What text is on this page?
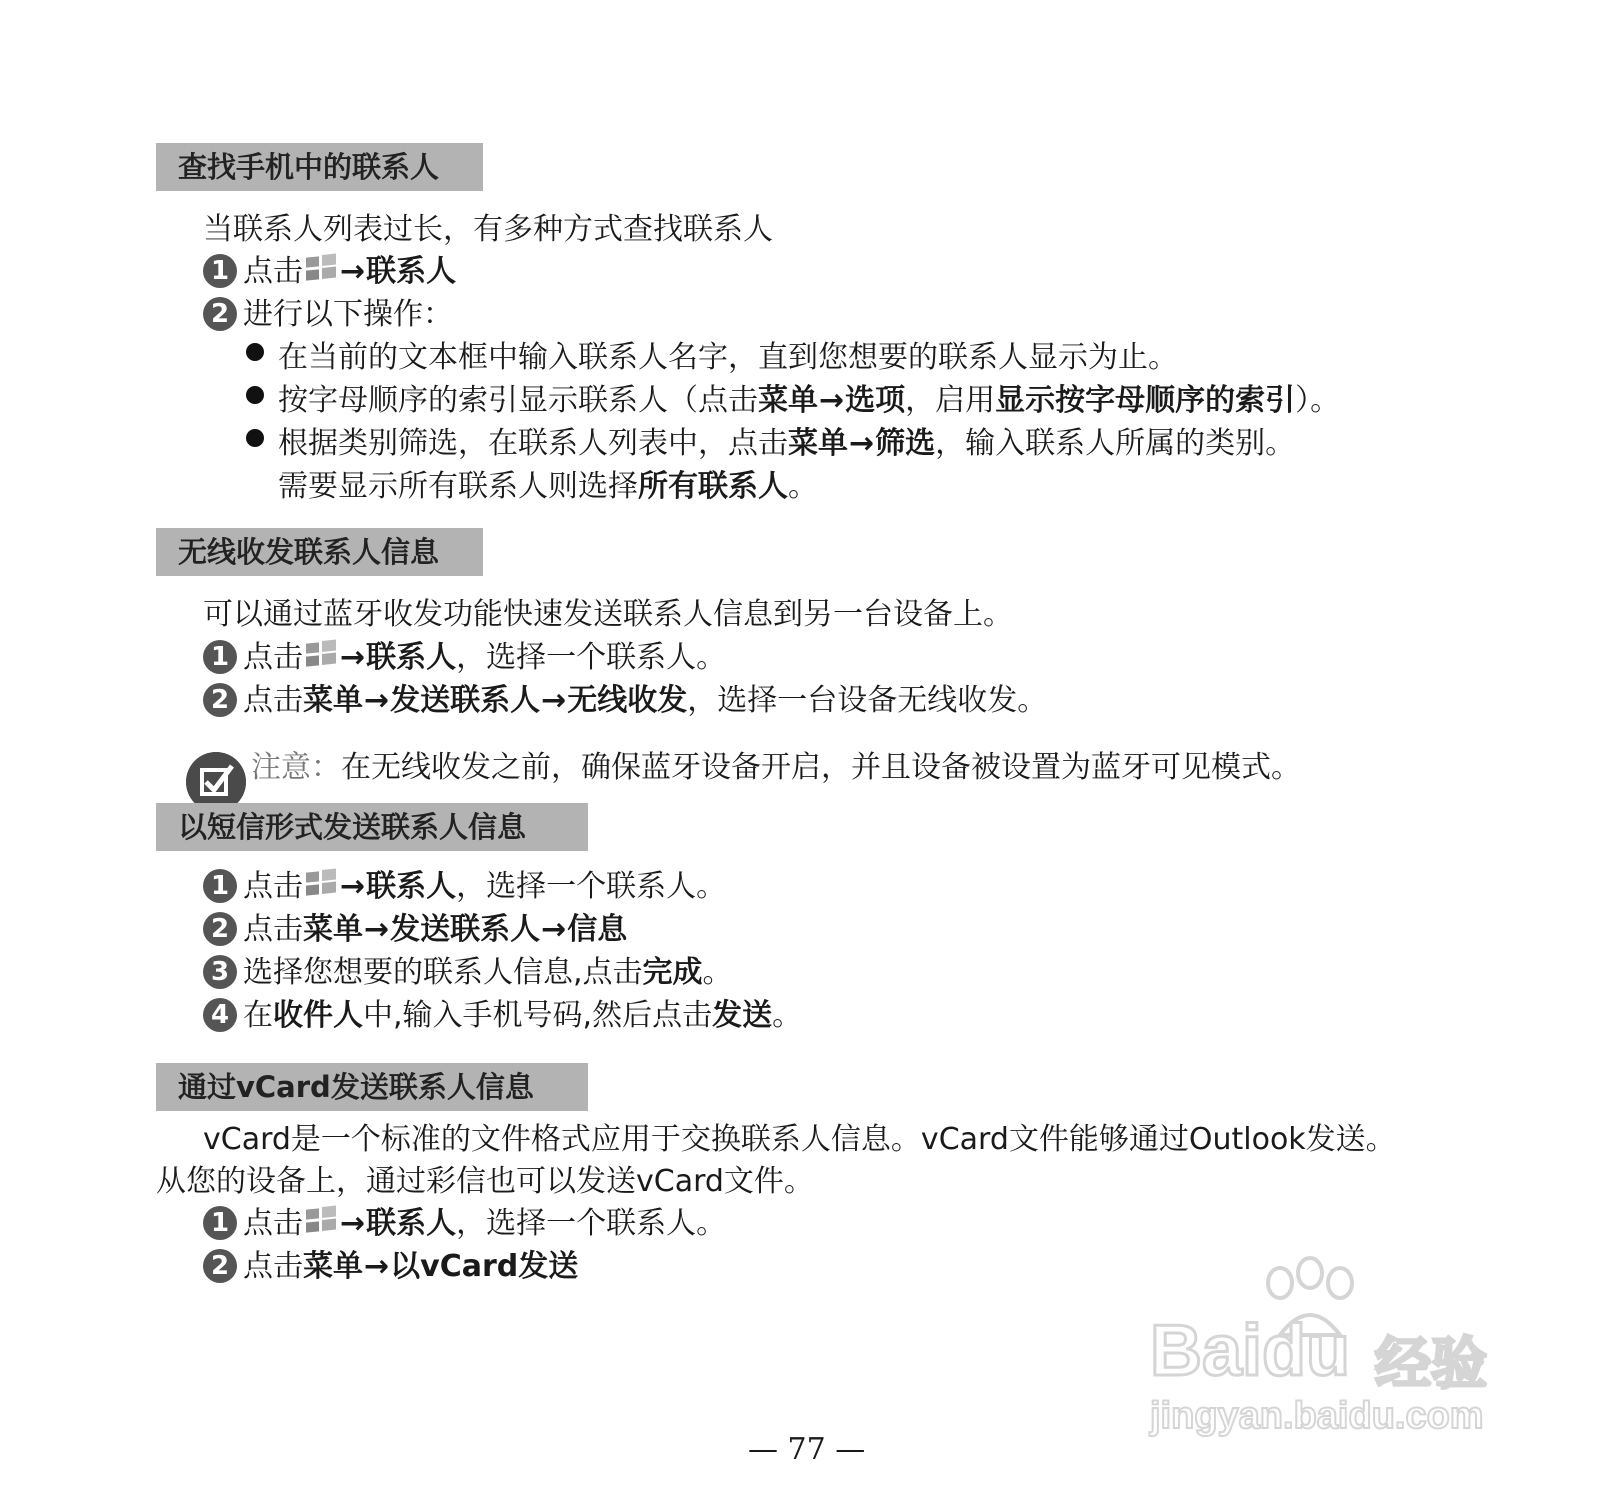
查找手机中的联系人
当联系人列表过长，有多种方式查找联系人
1 点击 →联系人
2 进行以下操作：
在当前的文本框中输入联系人名字，直到您想要的联系人显示为止。
按字母顺序的索引显示联系人（点击菜单→选项，启用显示按字母顺序的索引）。
根据类别筛选，在联系人列表中，点击菜单→筛选，输入联系人所属的类别。
需要显示所有联系人则选择所有联系人。
无线收发联系人信息
可以通过蓝牙收发功能快速发送联系人信息到另一台设备上。
1 点击 →联系人，选择一个联系人。
2 点击菜单→发送联系人→无线收发，选择一台设备无线收发。
注意：在无线收发之前，确保蓝牙设备开启，并且设备被设置为蓝牙可见模式。
以短信形式发送联系人信息
1 点击 →联系人，选择一个联系人。
2 点击菜单→发送联系人→信息
3 选择您想要的联系人信息,点击完成。
4 在收件人中,输入手机号码,然后点击发送。
通过vCard发送联系人信息
vCard是一个标准的文件格式应用于交换联系人信息。vCard文件能够通过Outlook发送。
从您的设备上，通过彩信也可以发送vCard文件。
1 点击 →联系人，选择一个联系人。
2 点击菜单→以vCard发送
Baidu 经验
jingyan.baidu.com
— 77 —
